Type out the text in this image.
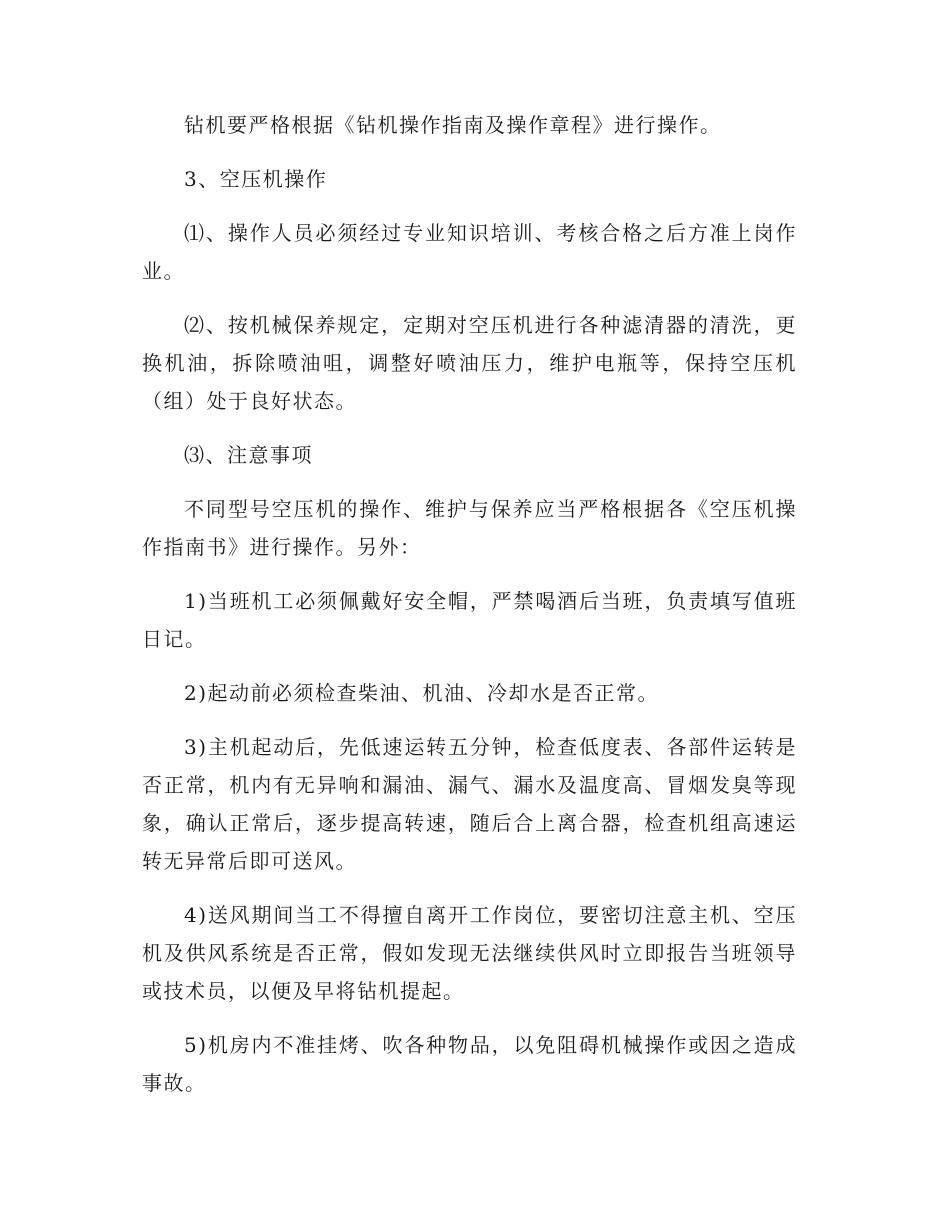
钻机要严格根据《钻机操作指南及操作章程》进行操作。

3、空压机操作

⑴、操作人员必须经过专业知识培训、考核合格之后方准上岗作业。

⑵、按机械保养规定，定期对空压机进行各种滤清器的清洗，更换机油，拆除喷油咀，调整好喷油压力，维护电瓶等，保持空压机（组）处于良好状态。

⑶、注意事项

不同型号空压机的操作、维护与保养应当严格根据各《空压机操作指南书》进行操作。另外：

1)当班机工必须佩戴好安全帽，严禁喝酒后当班，负责填写值班日记。

2)起动前必须检查柴油、机油、冷却水是否正常。

3)主机起动后，先低速运转五分钟，检查低度表、各部件运转是否正常，机内有无异响和漏油、漏气、漏水及温度高、冒烟发臭等现象，确认正常后，逐步提高转速，随后合上离合器，检查机组高速运转无异常后即可送风。

4)送风期间当工不得擅自离开工作岗位，要密切注意主机、空压机及供风系统是否正常，假如发现无法继续供风时立即报告当班领导或技术员，以便及早将钻机提起。

5)机房内不准挂烤、吹各种物品，以免阻碍机械操作或因之造成事故。
